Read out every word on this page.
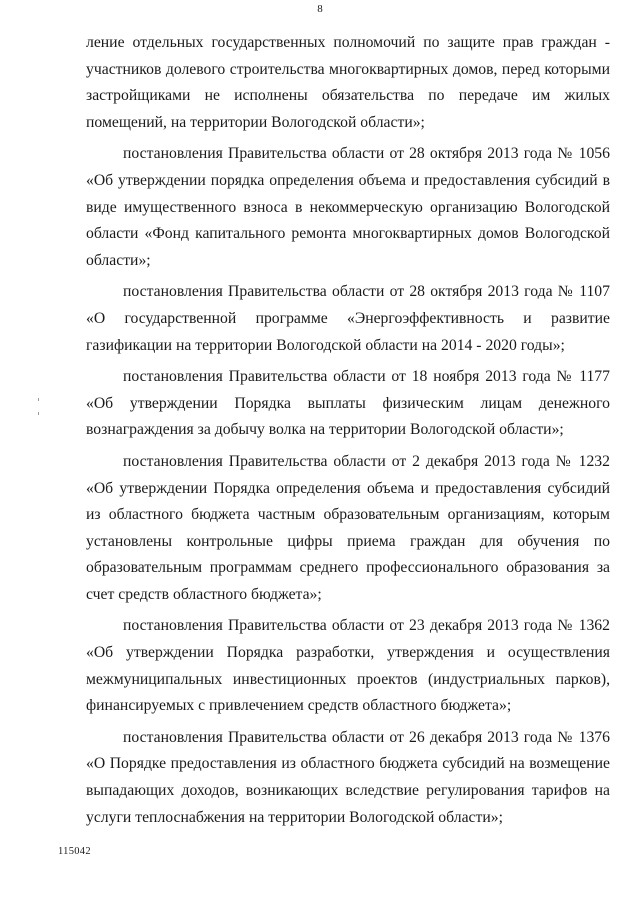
8

ление отдельных государственных полномочий по защите прав граждан - участников долевого строительства многоквартирных домов, перед которыми застройщиками не исполнены обязательства по передаче им жилых помещений, на территории Вологодской области»;

постановления Правительства области от 28 октября 2013 года № 1056 «Об утверждении порядка определения объема и предоставления субсидий в виде имущественного взноса в некоммерческую организацию Вологодской области «Фонд капитального ремонта многоквартирных домов Вологодской области»;

постановления Правительства области от 28 октября 2013 года № 1107 «О государственной программе «Энергоэффективность и развитие газификации на территории Вологодской области на 2014 - 2020 годы»;

постановления Правительства области от 18 ноября 2013 года № 1177 «Об утверждении Порядка выплаты физическим лицам денежного вознаграждения за добычу волка на территории Вологодской области»;

постановления Правительства области от 2 декабря 2013 года № 1232 «Об утверждении Порядка определения объема и предоставления субсидий из областного бюджета частным образовательным организациям, которым установлены контрольные цифры приема граждан для обучения по образовательным программам среднего профессионального образования за счет средств областного бюджета»;

постановления Правительства области от 23 декабря 2013 года № 1362 «Об утверждении Порядка разработки, утверждения и осуществления межмуниципальных инвестиционных проектов (индустриальных парков), финансируемых с привлечением средств областного бюджета»;

постановления Правительства области от 26 декабря 2013 года № 1376 «О Порядке предоставления из областного бюджета субсидий на возмещение выпадающих доходов, возникающих вследствие регулирования тарифов на услуги теплоснабжения на территории Вологодской области»;

115042
